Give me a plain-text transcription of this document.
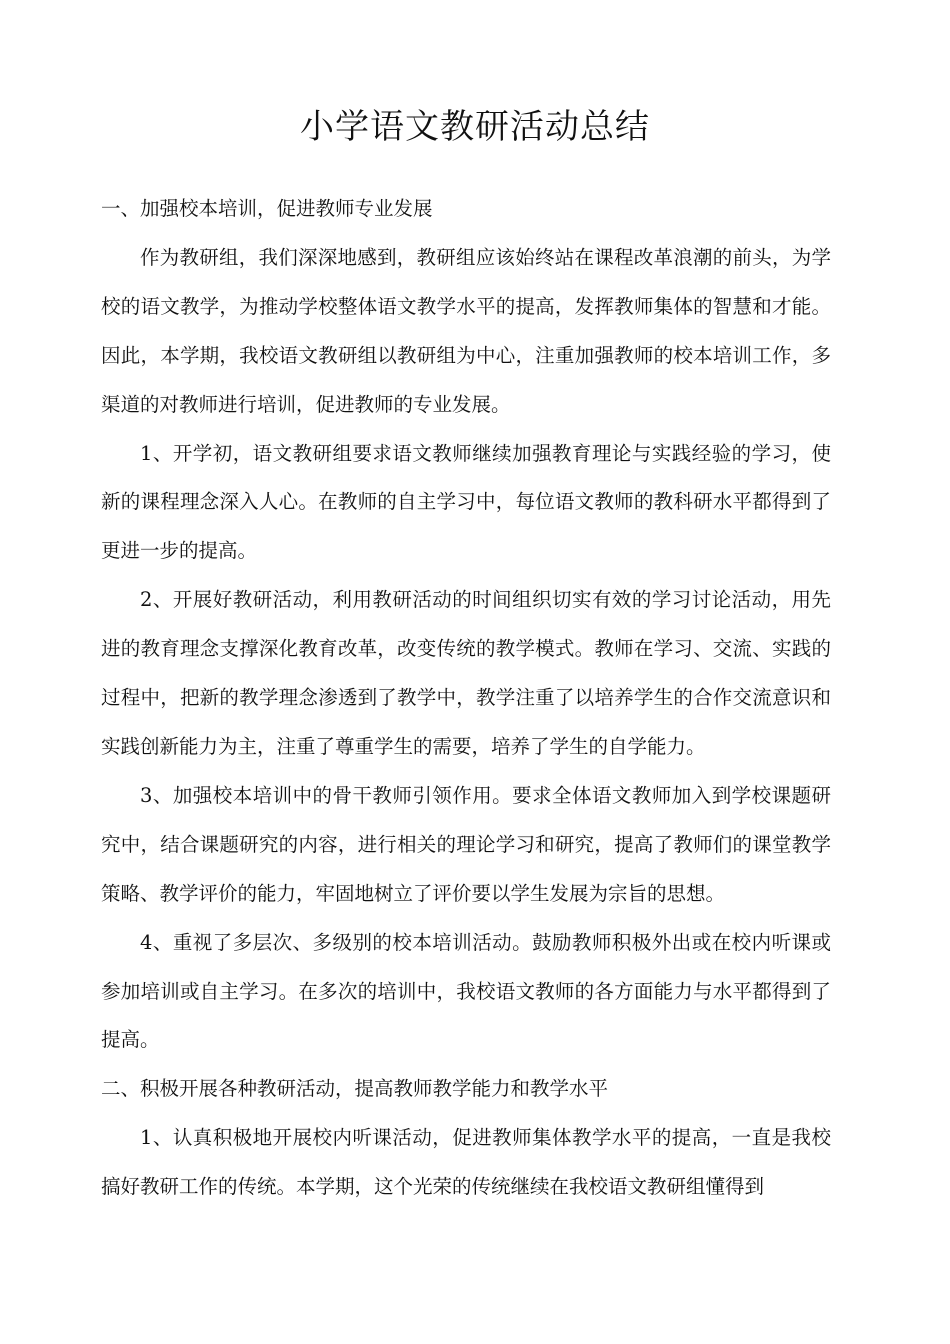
小学语文教研活动总结
一、加强校本培训，促进教师专业发展

作为教研组，我们深深地感到，教研组应该始终站在课程改革浪潮的前头，为学校的语文教学，为推动学校整体语文教学水平的提高，发挥教师集体的智慧和才能。因此，本学期，我校语文教研组以教研组为中心，注重加强教师的校本培训工作，多渠道的对教师进行培训，促进教师的专业发展。

1、开学初，语文教研组要求语文教师继续加强教育理论与实践经验的学习，使新的课程理念深入人心。在教师的自主学习中，每位语文教师的教科研水平都得到了更进一步的提高。

2、开展好教研活动，利用教研活动的时间组织切实有效的学习讨论活动，用先进的教育理念支撑深化教育改革，改变传统的教学模式。教师在学习、交流、实践的过程中，把新的教学理念渗透到了教学中，教学注重了以培养学生的合作交流意识和实践创新能力为主，注重了尊重学生的需要，培养了学生的自学能力。

3、加强校本培训中的骨干教师引领作用。要求全体语文教师加入到学校课题研究中，结合课题研究的内容，进行相关的理论学习和研究，提高了教师们的课堂教学策略、教学评价的能力，牢固地树立了评价要以学生发展为宗旨的思想。

4、重视了多层次、多级别的校本培训活动。鼓励教师积极外出或在校内听课或参加培训或自主学习。在多次的培训中，我校语文教师的各方面能力与水平都得到了提高。

二、积极开展各种教研活动，提高教师教学能力和教学水平

1、认真积极地开展校内听课活动，促进教师集体教学水平的提高，一直是我校搞好教研工作的传统。本学期，这个光荣的传统继续在我校语文教研组懂得到
